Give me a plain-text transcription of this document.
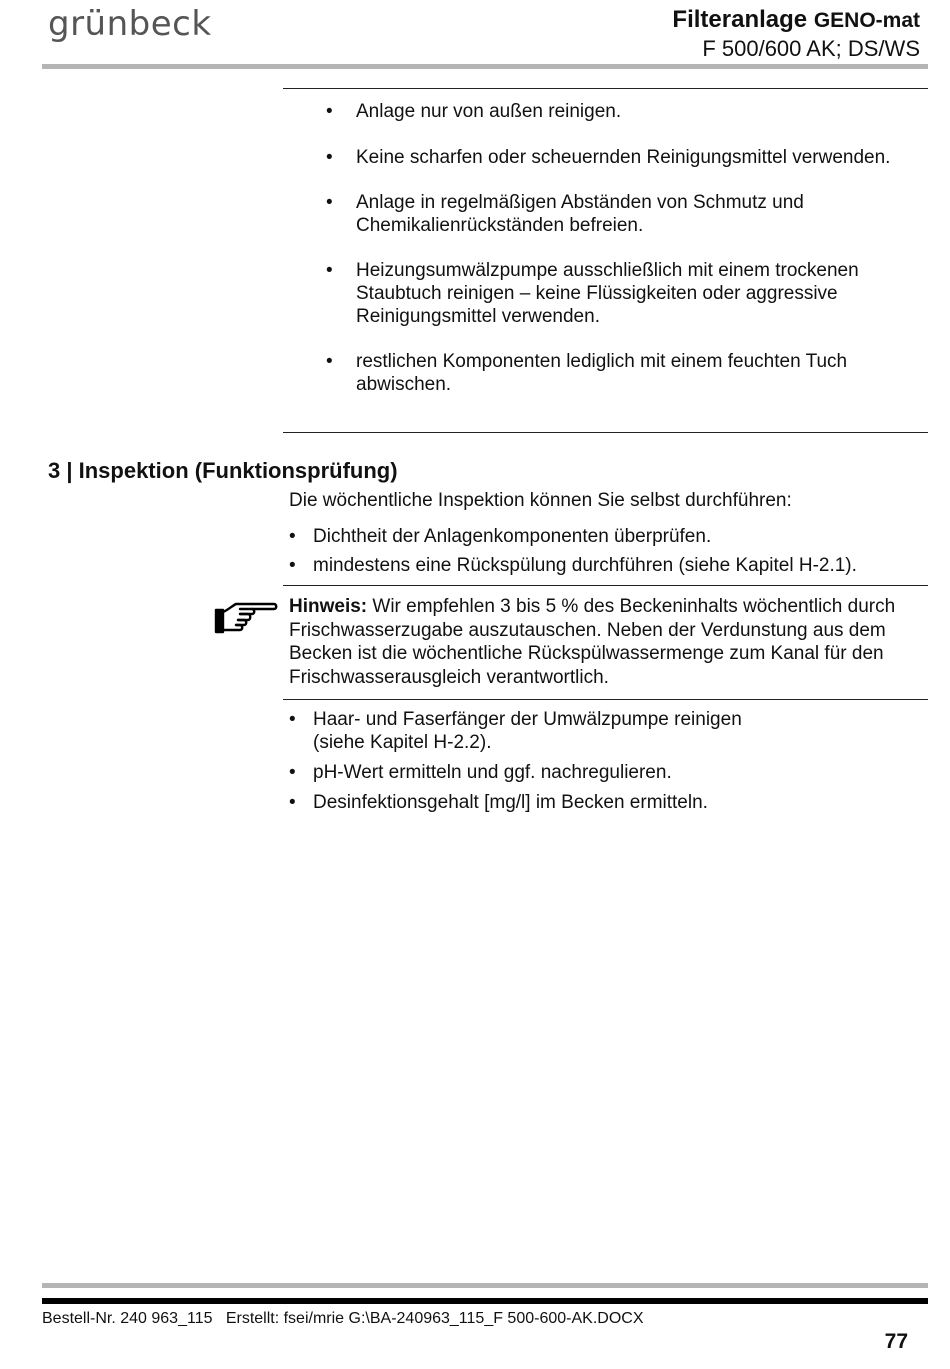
grünbeck	Filteranlage GENO-mat
F 500/600 AK; DS/WS
• Anlage nur von außen reinigen.
• Keine scharfen oder scheuernden Reinigungsmittel verwenden.
• Anlage in regelmäßigen Abständen von Schmutz und Chemikalienrückständen befreien.
• Heizungsumwälzpumpe ausschließlich mit einem trockenen Staubtuch reinigen – keine Flüssigkeiten oder aggressive Reinigungsmittel verwenden.
• restlichen Komponenten lediglich mit einem feuchten Tuch abwischen.
3 | Inspektion (Funktionsprüfung)
Die wöchentliche Inspektion können Sie selbst durchführen:
• Dichtheit der Anlagenkomponenten überprüfen.
• mindestens eine Rückspülung durchführen (siehe Kapitel H-2.1).
Hinweis: Wir empfehlen 3 bis 5 % des Beckeninhalts wöchentlich durch Frischwasserzugabe auszutauschen. Neben der Verdunstung aus dem Becken ist die wöchentliche Rückspülwassermenge zum Kanal für den Frischwasserausgleich verantwortlich.
• Haar- und Faserfänger der Umwälzpumpe reinigen (siehe Kapitel H-2.2).
• pH-Wert ermitteln und ggf. nachregulieren.
• Desinfektionsgehalt [mg/l] im Becken ermitteln.
Bestell-Nr. 240 963_115   Erstellt: fsei/mrie G:\BA-240963_115_F 500-600-AK.DOCX
77
